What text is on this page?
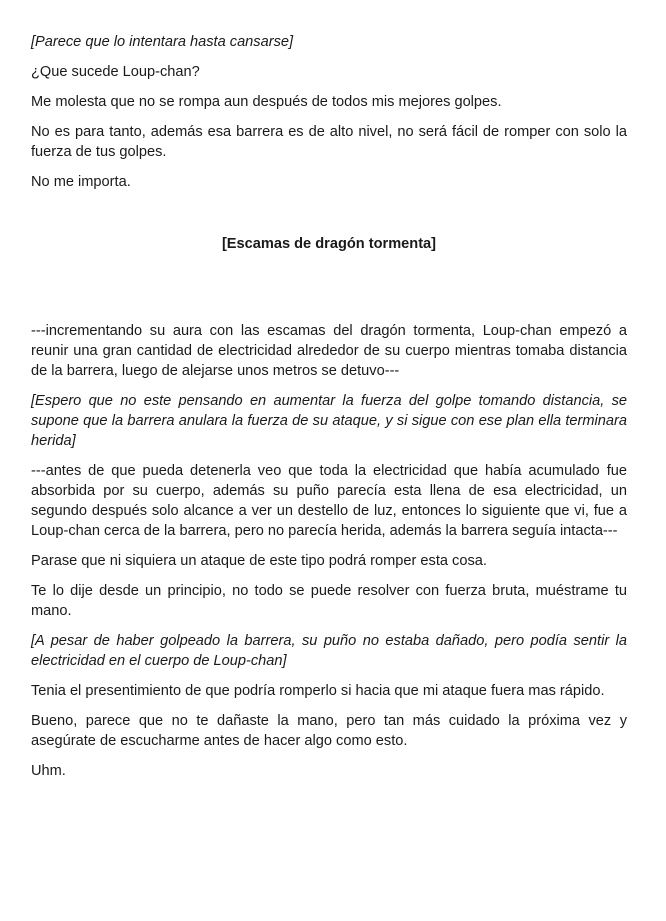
[Parece que lo intentara hasta cansarse]

¿Que sucede Loup-chan?

Me molesta que no se rompa aun después de todos mis mejores golpes.

No es para tanto, además esa barrera es de alto nivel, no será fácil de romper con solo la fuerza de tus golpes.

No me importa.

[Escamas de dragón tormenta]

---incrementando su aura con las escamas del dragón tormenta, Loup-chan empezó a reunir una gran cantidad de electricidad alrededor de su cuerpo mientras tomaba distancia de la barrera, luego de alejarse unos metros se detuvo---

[Espero que no este pensando en aumentar la fuerza del golpe tomando distancia, se supone que la barrera anulara la fuerza de su ataque, y si sigue con ese plan ella terminara herida]

---antes de que pueda detenerla veo que toda la electricidad que había acumulado fue absorbida por su cuerpo, además su puño parecía esta llena de esa electricidad, un segundo después solo alcance a ver un destello de luz, entonces lo siguiente que vi, fue a Loup-chan cerca de la barrera, pero no parecía herida, además la barrera seguía intacta---

Parase que ni siquiera un ataque de este tipo podrá romper esta cosa.

Te lo dije desde un principio, no todo se puede resolver con fuerza bruta, muéstrame tu mano.

[A pesar de haber golpeado la barrera, su puño no estaba dañado, pero podía sentir la electricidad en el cuerpo de Loup-chan]

Tenia el presentimiento de que podría romperlo si hacia que mi ataque fuera mas rápido.

Bueno, parece que no te dañaste la mano, pero tan más cuidado la próxima vez y asegúrate de escucharme antes de hacer algo como esto.

Uhm.
